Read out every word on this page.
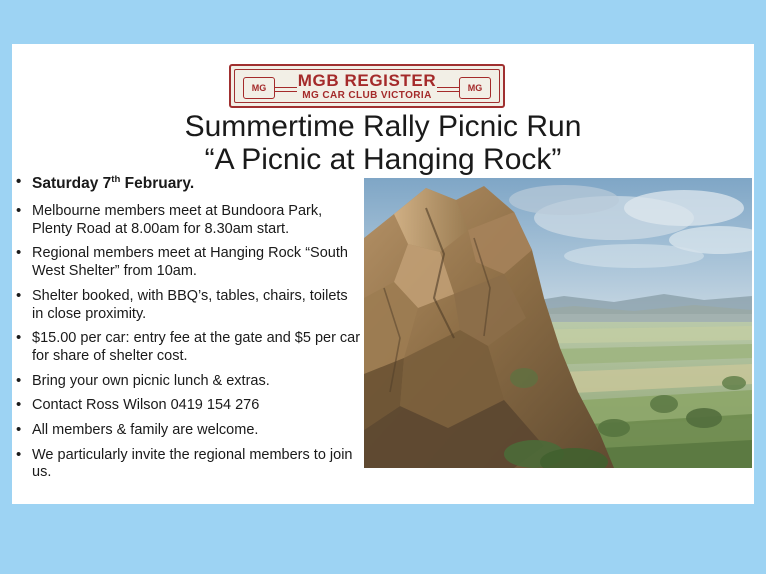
MG	MG
MGB REGISTER
MG CAR CLUB VICTORIA
Summertime Rally Picnic Run
“A Picnic at Hanging Rock”
• Saturday 7th February.
• Melbourne members meet at Bundoora Park, Plenty Road at 8.00am for 8.30am start.
• Regional members meet at Hanging Rock “South West Shelter” from 10am.
• Shelter booked, with BBQ’s, tables, chairs, toilets in close proximity.
• $15.00 per car: entry fee at the gate and $5 per car for share of shelter cost.
• Bring your own picnic lunch & extras.
• Contact Ross Wilson 0419 154 276
• All members & family are welcome.
• We particularly invite the regional members to join us.
